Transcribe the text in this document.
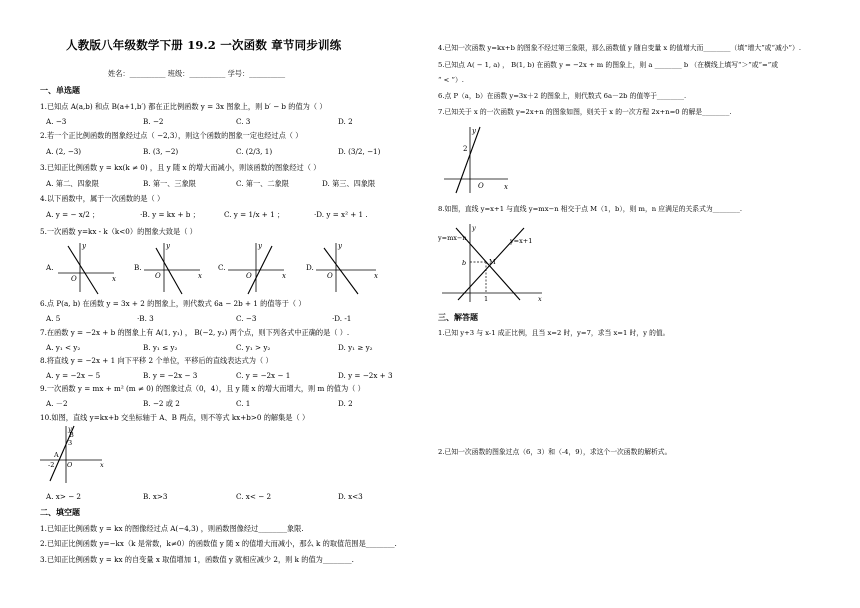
人教版八年级数学下册 19.2 一次函数 章节同步训练
姓名：__________ 班级：__________ 学号：__________
一、单选题
1.已知点 A(a,b) 和点 B(a+1,b′) 都在正比例函数 y = 3x 图象上，则 b′ − b 的值为（ ）
A. −3	B. −2	C. 3	D. 2
2.若一个正比例函数的图象经过点（ −2,3），则这个函数的图象一定也经过点（ ）
A. (2, −3)	B. (3, −2)	C. (2/3, 1)	D. (3/2, −1)
3.已知正比例函数 y = kx(k ≠ 0) ，且 y 随 x 的增大而减小，则该函数的图象经过（ ）
A. 第二、四象限	B. 第一、三象限	C. 第一、二象限	D. 第三、四象限
4.以下函数中，属于一次函数的是（ ）
A. y = − x/2 ；	·B. y = kx + b ；	C. y = 1/x + 1 ；	·D. y = x² + 1 .
5.一次函数 y=kx - k（k<0）的图象大致是（ ）
A.
y
x
O
B.
y
x
O
C.
y
x
O
D.
y
x
O
6.点 P(a, b) 在函数 y = 3x + 2 的图象上，则代数式 6a − 2b + 1 的值等于（ ）
A. 5	·B. 3	C. −3	·D. -1
7.在函数 y = −2x + b 的图象上有 A(1, y₁) ， B(−2, y₂) 两个点，则下列各式中正确的是（ ）.
A. y₁ < y₂	B. y₁ ≤ y₂	C. y₁ > y₂	D. y₁ ≥ y₂
8.将直线 y = −2x + 1 向下平移 2 个单位，平移后的直线表达式为（ ）
A. y = −2x − 5	B. y = −2x − 3	C. y = −2x − 1	D. y = −2x + 3
9.一次函数 y = mx + m² (m ≠ 0) 的图象过点（0，4），且 y 随 x 的增大而增大，则 m 的值为（ ）
A. －2	B. −2 或 2	C. 1	D. 2
10.如图，直线 y=kx+b 交坐标轴于 A、B 两点，则不等式 kx+b>0 的解集是（ ）
y
B
3
x
A
-2 O
A. x> − 2	B. x>3	C. x< − 2	D. x<3
二、填空题
1.已知正比例函数 y = kx 的图像经过点 A(−4,3) ，则函数图像经过________象限.
2.已知正比例函数 y=−kx（k 是常数，k≠0）的函数值 y 随 x 的值增大而减小，那么 k 的取值范围是________.
3.已知正比例函数 y = kx 的自变量 x 取值增加 1，函数值 y 就相应减少 2，则 k 的值为________.
4.已知一次函数 y=kx+b 的图象不经过第三象限，那么函数值 y 随自变量 x 的值增大而________（填“增大”或“减小”）.
5.已知点 A( − 1, a) ， B(1, b) 在函数 y = −2x + m 的图象上，则 a ________ b （在横线上填写“＞”或“=”或
“ < ”）.
6.点 P（a，b）在函数 y=3x＋2 的图象上，则代数式 6a－2b 的值等于________.
7.已知关于 x 的一次函数 y=2x+n 的图象如图，则关于 x 的一次方程 2x+n=0 的解是________.
y
2
x
O
8.如图，直线 y=x+1 与直线 y=mx−n 相交于点 M（1，b），则 m，n 应满足的关系式为________.
y=mx−n	y=x+1
y
b	M
x
1
三、解答题
1.已知 y+3 与 x-1 成正比例，且当 x=2 时，y=7，求当 x=1 时，y 的值。
2.已知一次函数的图象过点（6，3）和（-4，9），求这个一次函数的解析式。
